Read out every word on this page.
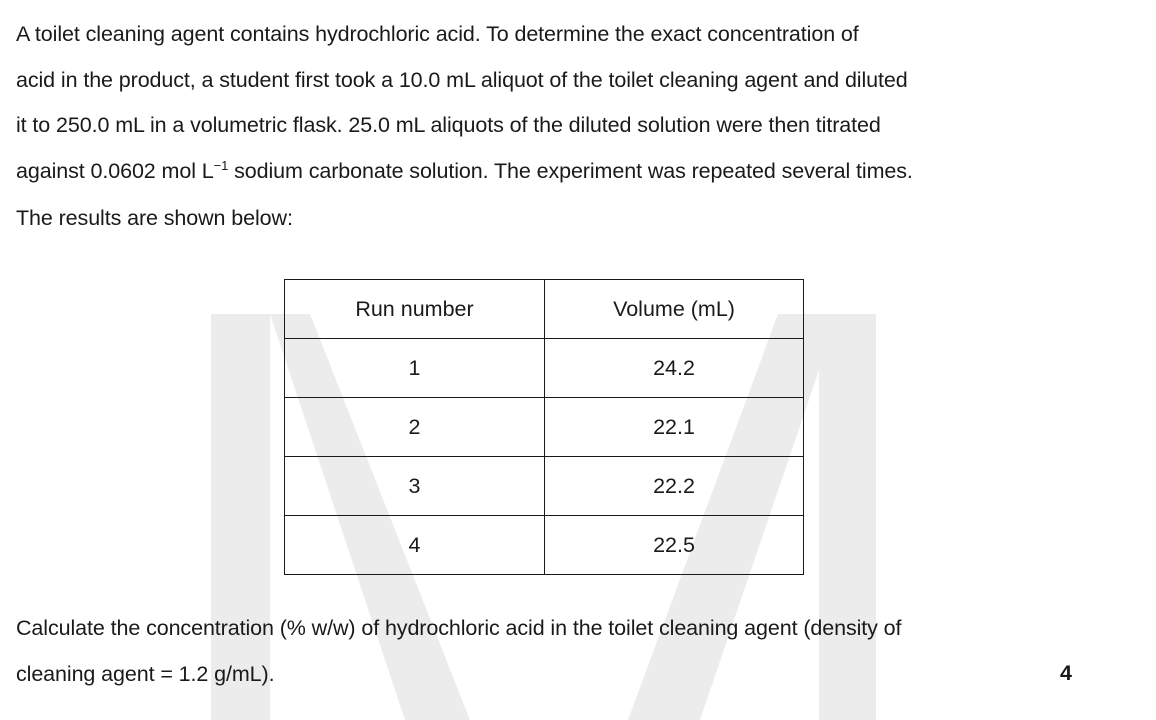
A toilet cleaning agent contains hydrochloric acid. To determine the exact concentration of
acid in the product, a student first took a 10.0 mL aliquot of the toilet cleaning agent and diluted
it to 250.0 mL in a volumetric flask. 25.0 mL aliquots of the diluted solution were then titrated
against 0.0602 mol $L^{-1}$ sodium carbonate solution. The experiment was repeated several times.
The results are shown below:
Run number	Volume (mL)
1	24.2
2	22.1
3	22.2
4	22.5
Calculate the concentration (% w/w) of hydrochloric acid in the toilet cleaning agent (density of
cleaning agent = 1.2 g/mL).	4
